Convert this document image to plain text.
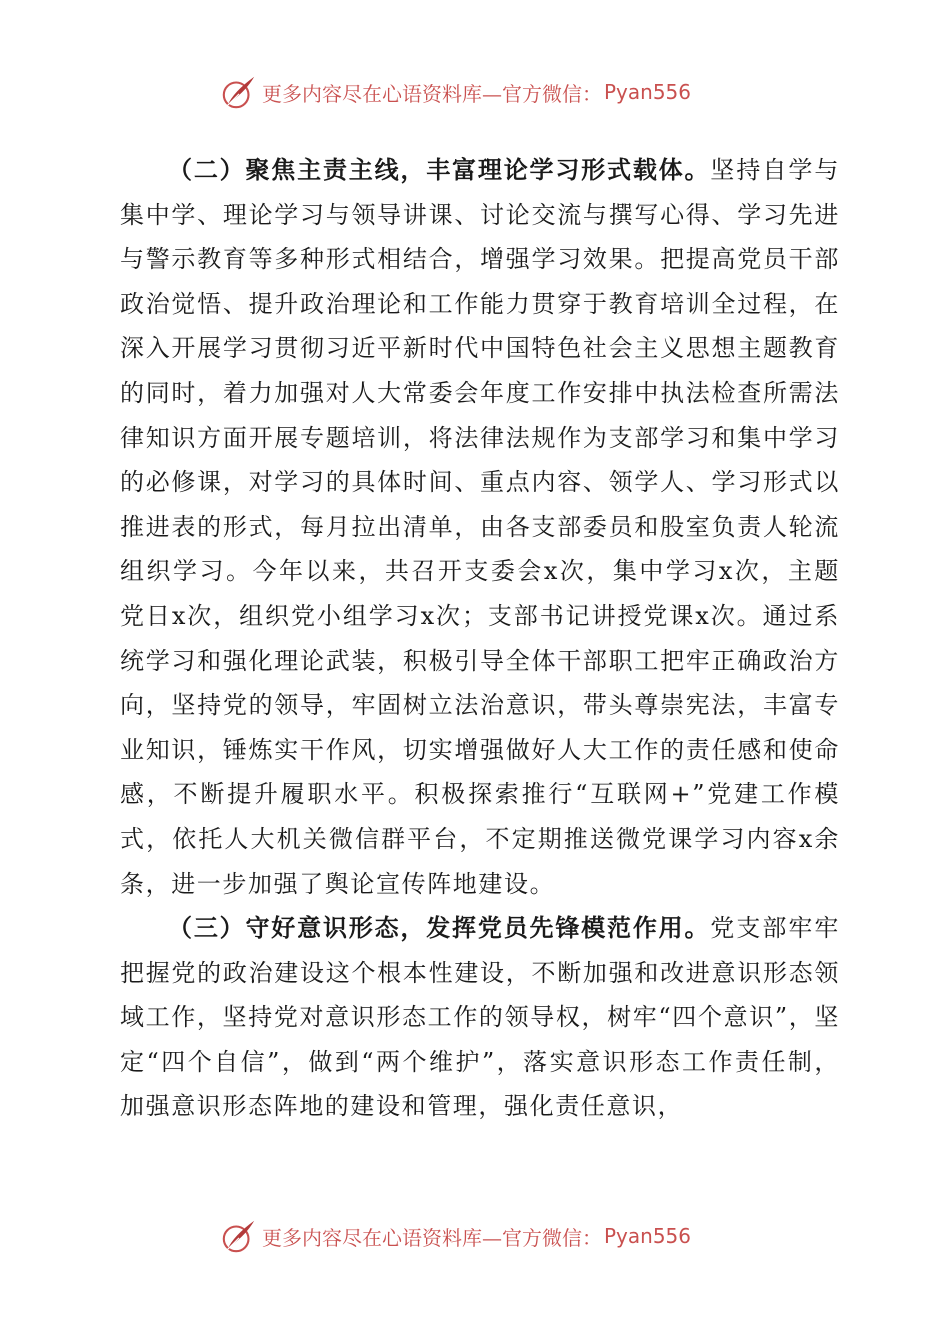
更多内容尽在心语资料库—官方微信： Pyan556

（二）聚焦主责主线，丰富理论学习形式载体。坚持自学与集中学、理论学习与领导讲课、讨论交流与撰写心得、学习先进与警示教育等多种形式相结合，增强学习效果。把提高党员干部政治觉悟、提升政治理论和工作能力贯穿于教育培训全过程，在深入开展学习贯彻习近平新时代中国特色社会主义思想主题教育的同时，着力加强对人大常委会年度工作安排中执法检查所需法律知识方面开展专题培训，将法律法规作为支部学习和集中学习的必修课，对学习的具体时间、重点内容、领学人、学习形式以推进表的形式，每月拉出清单，由各支部委员和股室负责人轮流组织学习。今年以来，共召开支委会x次，集中学习x次，主题党日x次，组织党小组学习x次；支部书记讲授党课x次。通过系统学习和强化理论武装，积极引导全体干部职工把牢正确政治方向，坚持党的领导，牢固树立法治意识，带头尊崇宪法，丰富专业知识，锤炼实干作风，切实增强做好人大工作的责任感和使命感，不断提升履职水平。积极探索推行“互联网+”党建工作模式，依托人大机关微信群平台，不定期推送微党课学习内容x余条，进一步加强了舆论宣传阵地建设。

（三）守好意识形态，发挥党员先锋模范作用。党支部牢牢把握党的政治建设这个根本性建设，不断加强和改进意识形态领域工作，坚持党对意识形态工作的领导权，树牢“四个意识”，坚定“四个自信”，做到“两个维护”，落实意识形态工作责任制，加强意识形态阵地的建设和管理，强化责任意识，

更多内容尽在心语资料库—官方微信： Pyan556
